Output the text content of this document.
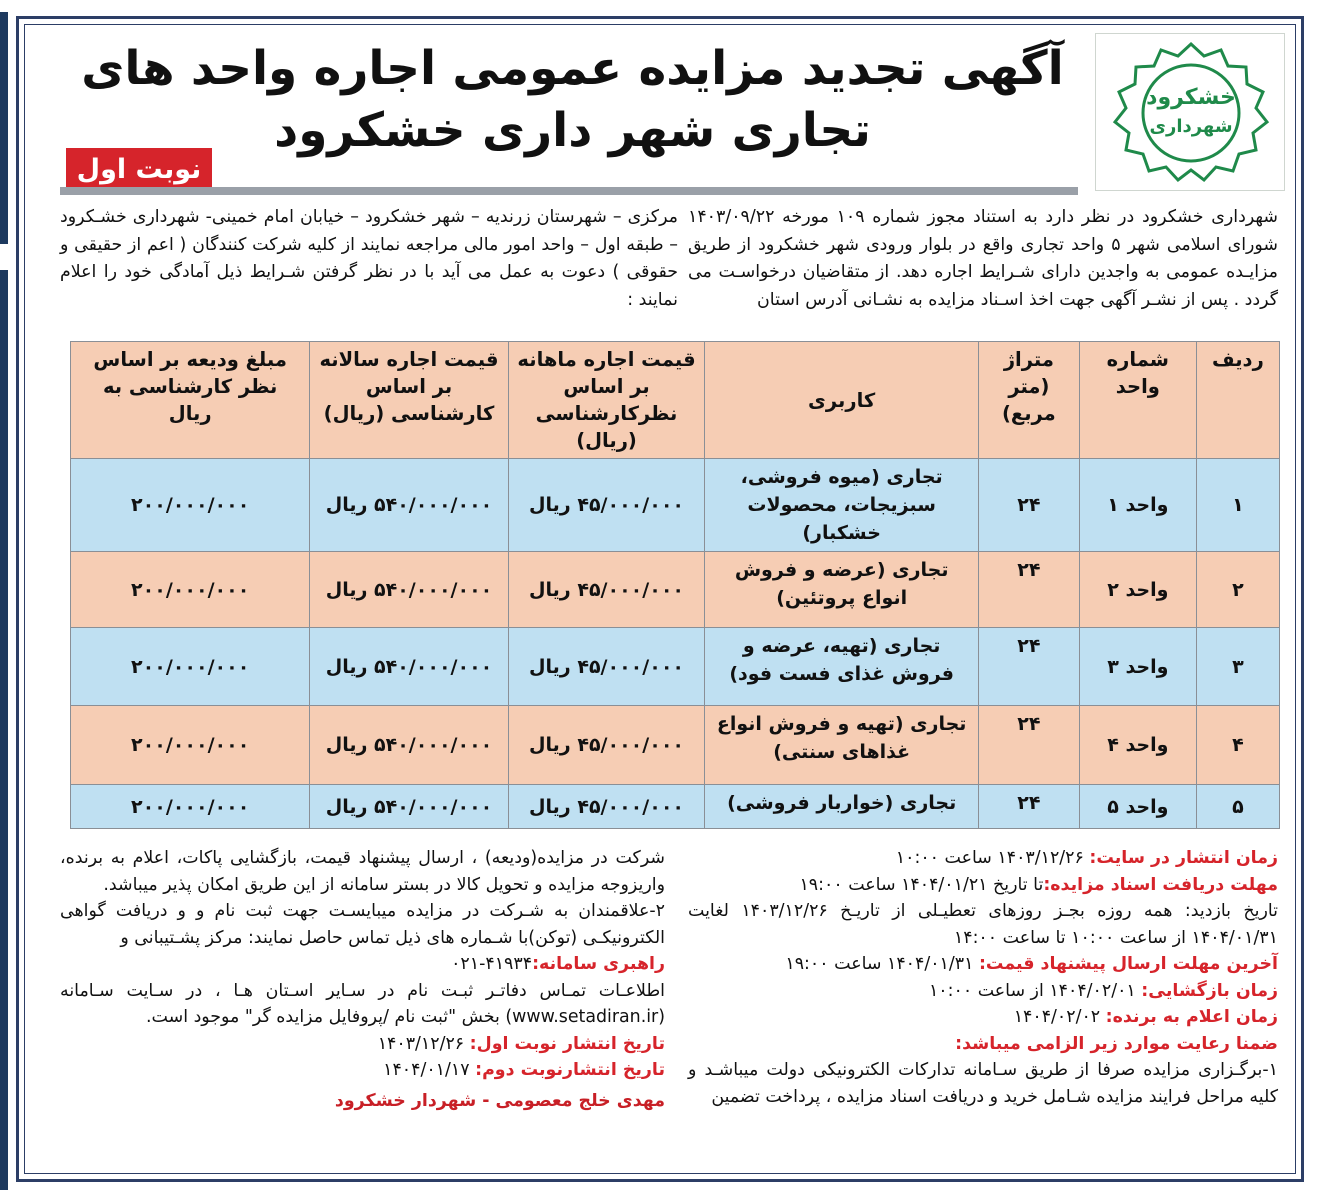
خشکرود
شهرداری
آگهی تجدید مزایده عمومی اجاره واحد های
تجاری شهر داری خشکرود
نوبت اول
شهرداری خشکرود در نظر دارد به استناد مجوز شماره ۱۰۹ مورخه ۱۴۰۳/۰۹/۲۲ شورای اسلامی شهر ۵ واحد تجاری واقع در بلوار ورودی شهر خشکرود از طریق مزایـده عمومی به واجدین دارای شـرایط اجاره دهد. از متقاضیان درخواسـت می گردد . پس از نشـر آگهی جهت اخذ اسـناد مزایده به نشـانی آدرس استان
مرکزی – شهرستان زرندیه – شهر خشکرود – خیابان امام خمینی- شهرداری خشـکرود – طبقه اول – واحد امور مالی مراجعه نمایند از کلیه شرکت کنندگان ( اعم از حقیقی و حقوقی ) دعوت به عمل می آید با در نظر گرفتن شـرایط ذیل آمادگی خود را اعلام نمایند :
ردیف	شماره واحد	متراژ (متر مربع)	کاربری	قیمت اجاره ماهانه بر اساس نظرکارشناسی (ریال)	قیمت اجاره سالانه بر اساس کارشناسی (ریال)	مبلغ ودیعه بر اساس نظر کارشناسی به ریال
۱	واحد ۱	۲۴	تجاری (میوه فروشی، سبزیجات، محصولات خشکبار)	۴۵/۰۰۰/۰۰۰ ریال	۵۴۰/۰۰۰/۰۰۰ ریال	۲۰۰/۰۰۰/۰۰۰
۲	واحد ۲	۲۴	تجاری (عرضه و فروش انواع پروتئین)	۴۵/۰۰۰/۰۰۰ ریال	۵۴۰/۰۰۰/۰۰۰ ریال	۲۰۰/۰۰۰/۰۰۰
۳	واحد ۳	۲۴	تجاری (تهیه، عرضه و فروش غذای فست فود)	۴۵/۰۰۰/۰۰۰ ریال	۵۴۰/۰۰۰/۰۰۰ ریال	۲۰۰/۰۰۰/۰۰۰
۴	واحد ۴	۲۴	تجاری (تهیه و فروش انواع غذاهای سنتی)	۴۵/۰۰۰/۰۰۰ ریال	۵۴۰/۰۰۰/۰۰۰ ریال	۲۰۰/۰۰۰/۰۰۰
۵	واحد ۵	۲۴	تجاری (خواربار فروشی)	۴۵/۰۰۰/۰۰۰ ریال	۵۴۰/۰۰۰/۰۰۰ ریال	۲۰۰/۰۰۰/۰۰۰
زمان انتشار در سایت: ۱۴۰۳/۱۲/۲۶ ساعت ۱۰:۰۰
مهلت دریافت اسناد مزایده:تا تاریخ ۱۴۰۴/۰۱/۲۱ ساعت ۱۹:۰۰
تاریخ بازدید: همه روزه بجـز روزهای تعطیـلی از تاریـخ ۱۴۰۳/۱۲/۲۶ لغایت ۱۴۰۴/۰۱/۳۱ از ساعت ۱۰:۰۰ تا ساعت ۱۴:۰۰
آخرین مهلت ارسال پیشنهاد قیمت: ۱۴۰۴/۰۱/۳۱ ساعت ۱۹:۰۰
زمان بازگشایی: ۱۴۰۴/۰۲/۰۱ از ساعت ۱۰:۰۰
زمان اعلام به برنده: ۱۴۰۴/۰۲/۰۲
ضمنا رعایت موارد زیر الزامی میباشد:
۱-برگـزاری مزایده صرفا از طریق سـامانه تدارکات الکترونیکی دولت میباشـد و کلیه مراحل فرایند مزایده شـامل خرید و دریافت اسناد مزایده ، پرداخت تضمین
شرکت در مزایده(ودیعه) ، ارسال پیشنهاد قیمت، بازگشایی پاکات، اعلام به برنده، واریزوجه مزایده و تحویل کالا در بستر سامانه از این طریق امکان پذیر میباشد.
۲-علاقمندان به شـرکت در مزایده میبایسـت جهت ثبت نام و و دریافت گواهی الکترونیکـی (توکن)با شـماره های ذیل تماس حاصل نمایند: مرکز پشـتیبانی و
راهبری سامانه:۴۱۹۳۴-۰۲۱
اطلاعـات تمـاس دفاتـر ثبـت نام در سـایر اسـتان هـا ، در سـایت سـامانه (www.setadiran.ir) بخش "ثبت نام /پروفایل مزایده گر" موجود است.
تاریخ انتشار نوبت اول: ۱۴۰۳/۱۲/۲۶
تاریخ انتشارنوبت دوم: ۱۴۰۴/۰۱/۱۷
مهدی خلج معصومی - شهردار خشکرود
